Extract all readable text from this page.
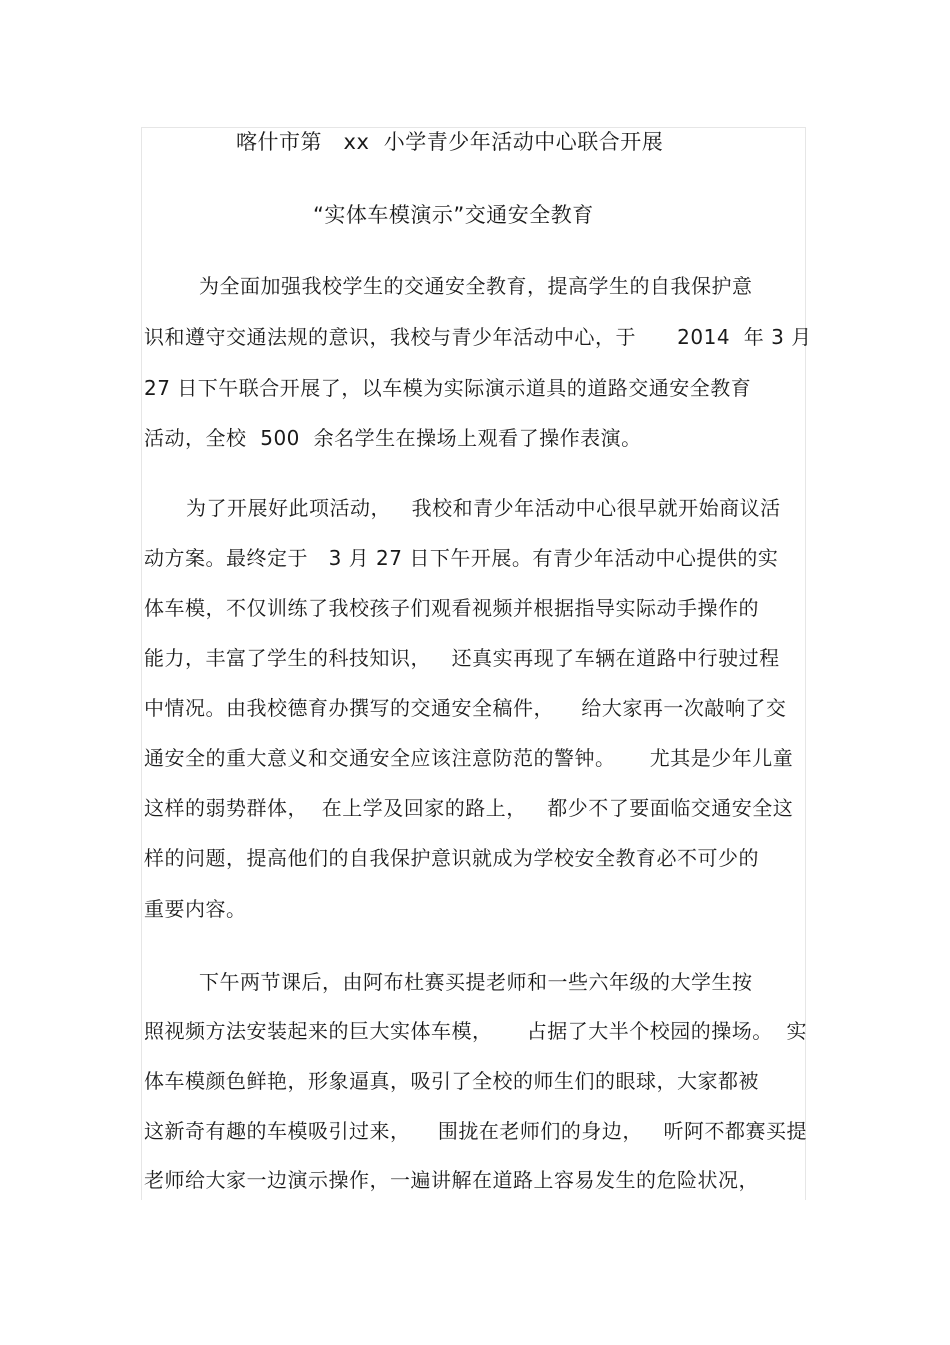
喀什市第   xx  小学青少年活动中心联合开展
“实体车模演示”交通安全教育
为全面加强我校学生的交通安全教育，提高学生的自我保护意
识和遵守交通法规的意识，我校与青少年活动中心，于      2014  年 3 月
27 日下午联合开展了，以车模为实际演示道具的道路交通安全教育
活动，全校  500  余名学生在操场上观看了操作表演。
为了开展好此项活动，   我校和青少年活动中心很早就开始商议活
动方案。最终定于   3 月 27 日下午开展。有青少年活动中心提供的实
体车模，不仅训练了我校孩子们观看视频并根据指导实际动手操作的
能力，丰富了学生的科技知识，   还真实再现了车辆在道路中行驶过程
中情况。由我校德育办撰写的交通安全稿件，    给大家再一次敲响了交
通安全的重大意义和交通安全应该注意防范的警钟。     尤其是少年儿童
这样的弱势群体，  在上学及回家的路上，   都少不了要面临交通安全这
样的问题，提高他们的自我保护意识就成为学校安全教育必不可少的
重要内容。
下午两节课后，由阿布杜赛买提老师和一些六年级的大学生按
照视频方法安装起来的巨大实体车模，     占据了大半个校园的操场。  实
体车模颜色鲜艳，形象逼真，吸引了全校的师生们的眼球，大家都被
这新奇有趣的车模吸引过来，    围拢在老师们的身边，   听阿不都赛买提
老师给大家一边演示操作，一遍讲解在道路上容易发生的危险状况，
